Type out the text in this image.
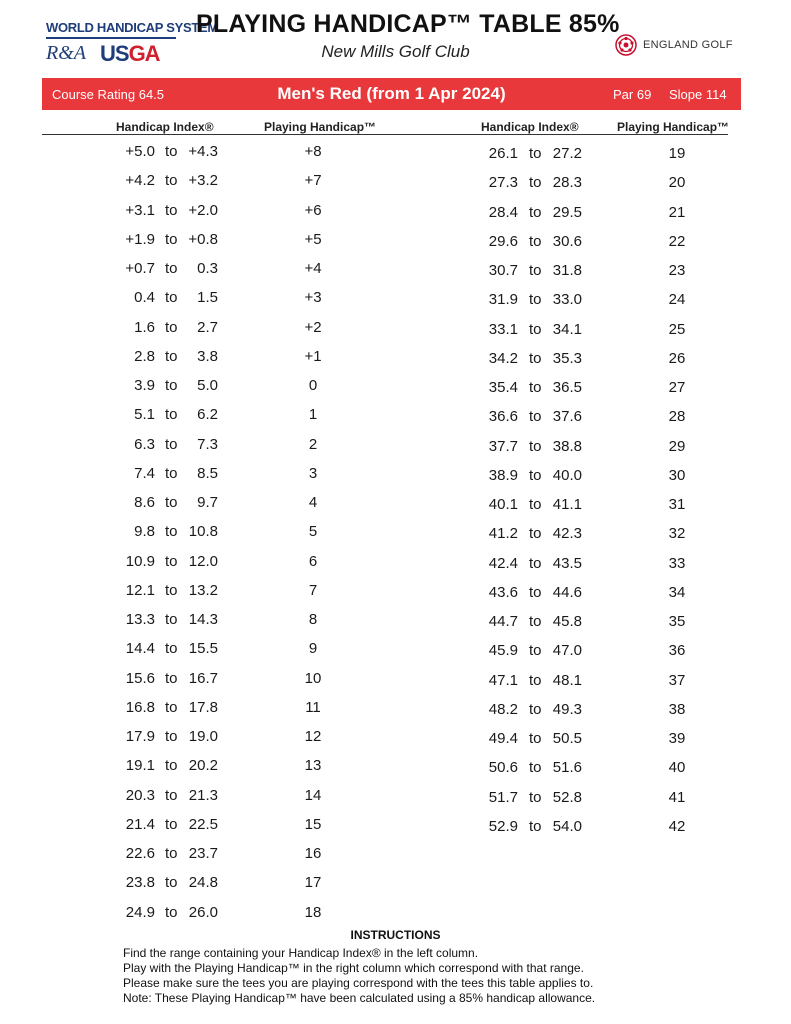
WORLD HANDICAP SYSTEM
R&A USGA
PLAYING HANDICAP™ TABLE 85%
New Mills Golf Club	ENGLAND GOLF
Course Rating 64.5	Men's Red (from 1 Apr 2024)	Par 69 Slope 114
Handicap Index®	Playing Handicap™	Handicap Index®	Playing Handicap™
+5.0 to +4.3	+8
+4.2 to +3.2	+7
+3.1 to +2.0	+6
+1.9 to +0.8	+5
+0.7 to 0.3	+4
0.4 to 1.5	+3
1.6 to 2.7	+2
2.8 to 3.8	+1
3.9 to 5.0	0
5.1 to 6.2	1
6.3 to 7.3	2
7.4 to 8.5	3
8.6 to 9.7	4
9.8 to 10.8	5
10.9 to 12.0	6
12.1 to 13.2	7
13.3 to 14.3	8
14.4 to 15.5	9
15.6 to 16.7	10
16.8 to 17.8	11
17.9 to 19.0	12
19.1 to 20.2	13
20.3 to 21.3	14
21.4 to 22.5	15
22.6 to 23.7	16
23.8 to 24.8	17
24.9 to 26.0	18
26.1 to 27.2	19
27.3 to 28.3	20
28.4 to 29.5	21
29.6 to 30.6	22
30.7 to 31.8	23
31.9 to 33.0	24
33.1 to 34.1	25
34.2 to 35.3	26
35.4 to 36.5	27
36.6 to 37.6	28
37.7 to 38.8	29
38.9 to 40.0	30
40.1 to 41.1	31
41.2 to 42.3	32
42.4 to 43.5	33
43.6 to 44.6	34
44.7 to 45.8	35
45.9 to 47.0	36
47.1 to 48.1	37
48.2 to 49.3	38
49.4 to 50.5	39
50.6 to 51.6	40
51.7 to 52.8	41
52.9 to 54.0	42
INSTRUCTIONS
Find the range containing your Handicap Index® in the left column.
Play with the Playing Handicap™ in the right column which correspond with that range.
Please make sure the tees you are playing correspond with the tees this table applies to.
Note: These Playing Handicap™ have been calculated using a 85% handicap allowance.
